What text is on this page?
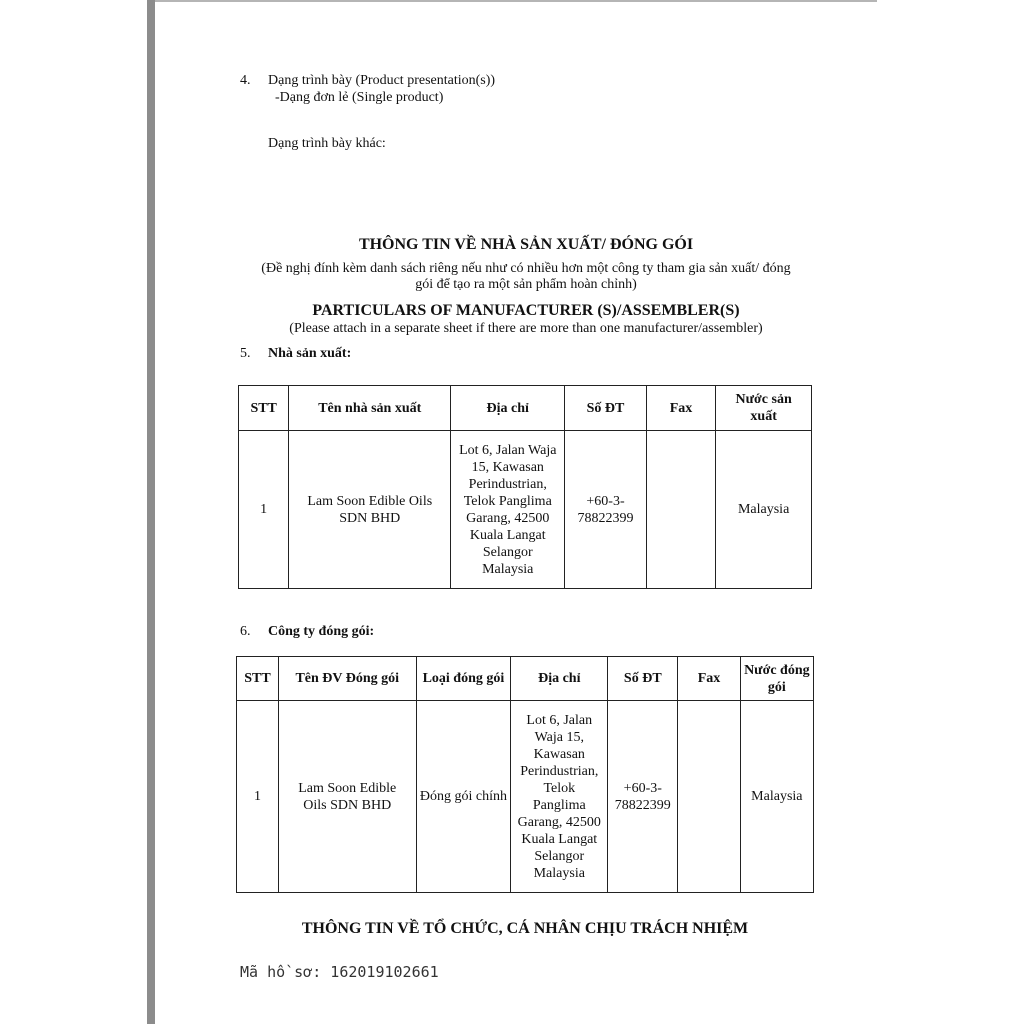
4. Dạng trình bày (Product presentation(s))
-Dạng đơn lẻ (Single product)
Dạng trình bày khác:
THÔNG TIN VỀ NHÀ SẢN XUẤT/ ĐÓNG GÓI
(Đề nghị đính kèm danh sách riêng nếu như có nhiều hơn một công ty tham gia sản xuất/ đóng
gói để tạo ra một sản phẩm hoàn chỉnh)
PARTICULARS OF MANUFACTURER (S)/ASSEMBLER(S)
(Please attach in a separate sheet if there are more than one manufacturer/assembler)
5. Nhà sản xuất:
STT	Tên nhà sản xuất	Địa chỉ	Số ĐT	Fax	Nước sản xuất
1	Lam Soon Edible Oils SDN BHD	Lot 6, Jalan Waja 15, Kawasan Perindustrian, Telok Panglima Garang, 42500 Kuala Langat Selangor Malaysia	+60-3-78822399		Malaysia
6. Công ty đóng gói:
STT	Tên ĐV Đóng gói	Loại đóng gói	Địa chỉ	Số ĐT	Fax	Nước đóng gói
1	Lam Soon Edible Oils SDN BHD	Đóng gói chính	Lot 6, Jalan Waja 15, Kawasan Perindustrian, Telok Panglima Garang, 42500 Kuala Langat Selangor Malaysia	+60-3-78822399		Malaysia
THÔNG TIN VỀ TỔ CHỨC, CÁ NHÂN CHỊU TRÁCH NHIỆM
Mã hồ sơ: 162019102661
